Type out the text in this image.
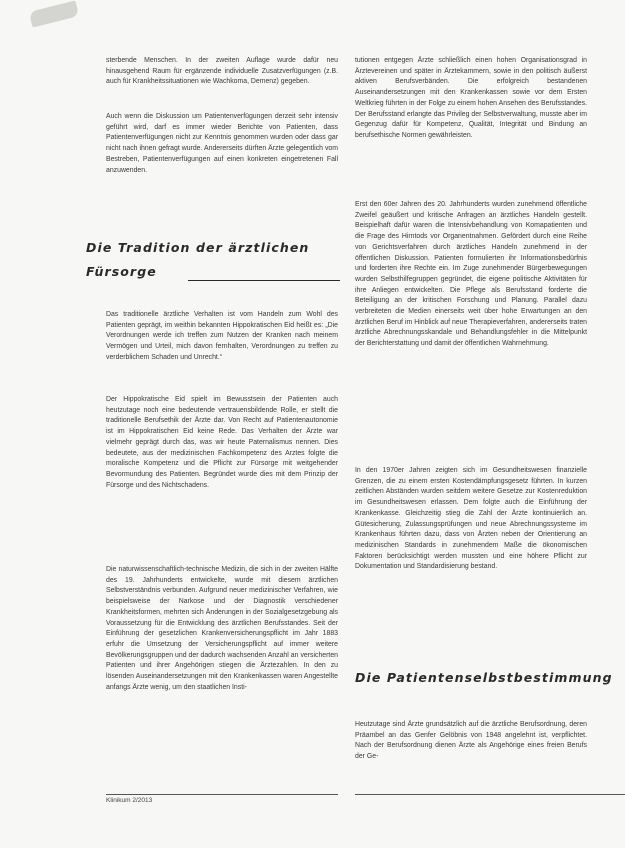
sterbende Menschen. In der zweiten Auflage wurde dafür neu hinausgehend Raum für ergänzende individuelle Zusatzverfügungen (z.B. auch für Krankheitssituationen wie Wachkoma, Demenz) gegeben.

Auch wenn die Diskussion um Patientenverfügungen derzeit sehr intensiv geführt wird, darf es immer wieder Berichte von Patienten, dass Patientenverfügungen nicht zur Kenntnis genommen wurden oder dass gar nicht nach ihnen gefragt wurde. Andererseits dürften Ärzte gelegentlich vom Bestreben, Patientenverfügungen auf einen konkreten eingetretenen Fall anzuwenden.

Die Tradition der ärztlichen
Fürsorge

Das traditionelle ärztliche Verhalten ist vom Handeln zum Wohl des Patienten geprägt, im weithin bekannten Hippokratischen Eid heißt es: „Die Verordnungen werde ich treffen zum Nutzen der Kranken nach meinem Vermögen und Urteil, mich davon fernhalten, Verordnungen zu treffen zu verderblichem Schaden und Unrecht.“

Der Hippokratische Eid spielt im Bewusstsein der Patienten auch heutzutage noch eine bedeutende vertrauensbildende Rolle, er stellt die traditionelle Berufsethik der Ärzte dar. Von Recht auf Patientenautonomie ist im Hippokratischen Eid keine Rede. Das Verhalten der Ärzte war vielmehr geprägt durch das, was wir heute Paternalismus nennen. Dies bedeutete, aus der medizinischen Fachkompetenz des Arztes folgte die moralische Kompetenz und die Pflicht zur Fürsorge mit weitgehender Bevormundung des Patienten. Begründet wurde dies mit dem Prinzip der Fürsorge und des Nichtschadens.

Die naturwissenschaftlich-technische Medizin, die sich in der zweiten Hälfte des 19. Jahrhunderts entwickelte, wurde mit diesem ärztlichen Selbstverständnis verbunden. Aufgrund neuer medizinischer Verfahren, wie beispielsweise der Narkose und der Diagnostik verschiedener Krankheitsformen, mehrten sich Änderungen in der Sozialgesetzgebung als Voraussetzung für die Entwicklung des ärztlichen Berufsstandes. Seit der Einführung der gesetzlichen Krankenversicherungspflicht im Jahr 1883 erfuhr die Umsetzung der Versicherungspflicht auf immer weitere Bevölkerungsgruppen und der dadurch wachsenden Anzahl an versicherten Patienten und ihrer Angehörigen stiegen die Ärztezahlen. In den zu lösenden Auseinandersetzungen mit den Krankenkassen waren Angestellte anfangs Ärzte wenig, um den staatlichen Insti-

tutionen entgegen Ärzte schließlich einen hohen Organisationsgrad in Ärztevereinen und später in Ärztekammern, sowie in den politisch äußerst aktiven Berufsverbänden. Die erfolgreich bestandenen Auseinandersetzungen mit den Krankenkassen sowie vor dem Ersten Weltkrieg führten in der Folge zu einem hohen Ansehen des Berufsstandes. Der Berufsstand erlangte das Privileg der Selbstverwaltung, musste aber im Gegenzug dafür für Kompetenz, Qualität, Integrität und Bindung an berufsethische Normen gewährleisten.

Erst den 60er Jahren des 20. Jahrhunderts wurden zunehmend öffentliche Zweifel geäußert und kritische Anfragen an ärztliches Handeln gestellt. Beispielhaft dafür waren die Intensivbehandlung von Komapatienten und die Frage des Hirntods vor Organentnahmen. Gefördert durch eine Reihe von Gerichtsverfahren durch ärztliches Handeln zunehmend in der öffentlichen Diskussion. Patienten formulierten ihr Informationsbedürfnis und forderten ihre Rechte ein. Im Zuge zunehmender Bürgerbewegungen wurden Selbsthilfegruppen gegründet, die eigene politische Aktivitäten für ihre Anliegen entwickelten. Die Pflege als Berufsstand forderte die Beteiligung an der kritischen Forschung und Planung. Parallel dazu verbreiteten die Medien einerseits weit über hohe Erwartungen an den ärztlichen Beruf im Hinblick auf neue Therapieverfahren, andererseits traten ärztliche Abrechnungsskandale und Behandlungsfehler in die Mittelpunkt der Berichterstattung und damit der öffentlichen Wahrnehmung.

In den 1970er Jahren zeigten sich im Gesundheitswesen finanzielle Grenzen, die zu einem ersten Kostendämpfungsgesetz führten. In kurzen zeitlichen Abständen wurden seitdem weitere Gesetze zur Kostenreduktion im Gesundheitswesen erlassen. Dem folgte auch die Einführung der Krankenkasse. Gleichzeitig stieg die Zahl der Ärzte kontinuierlich an. Gütesicherung, Zulassungsprüfungen und neue Abrechnungssysteme im Krankenhaus führten dazu, dass von Ärzten neben der Orientierung an medizinischen Standards in zunehmendem Maße die ökonomischen Faktoren berücksichtigt werden mussten und eine höhere Pflicht zur Dokumentation und Standardisierung bestand.

Die Patientenselbstbestimmung

Heutzutage sind Ärzte grundsätzlich auf die ärztliche Berufsordnung, deren Präambel an das Genfer Gelöbnis von 1948 angelehnt ist, verpflichtet. Nach der Berufsordnung dienen Ärzte als Angehörige eines freien Berufs der Ge-

Klinikum 2/2013
